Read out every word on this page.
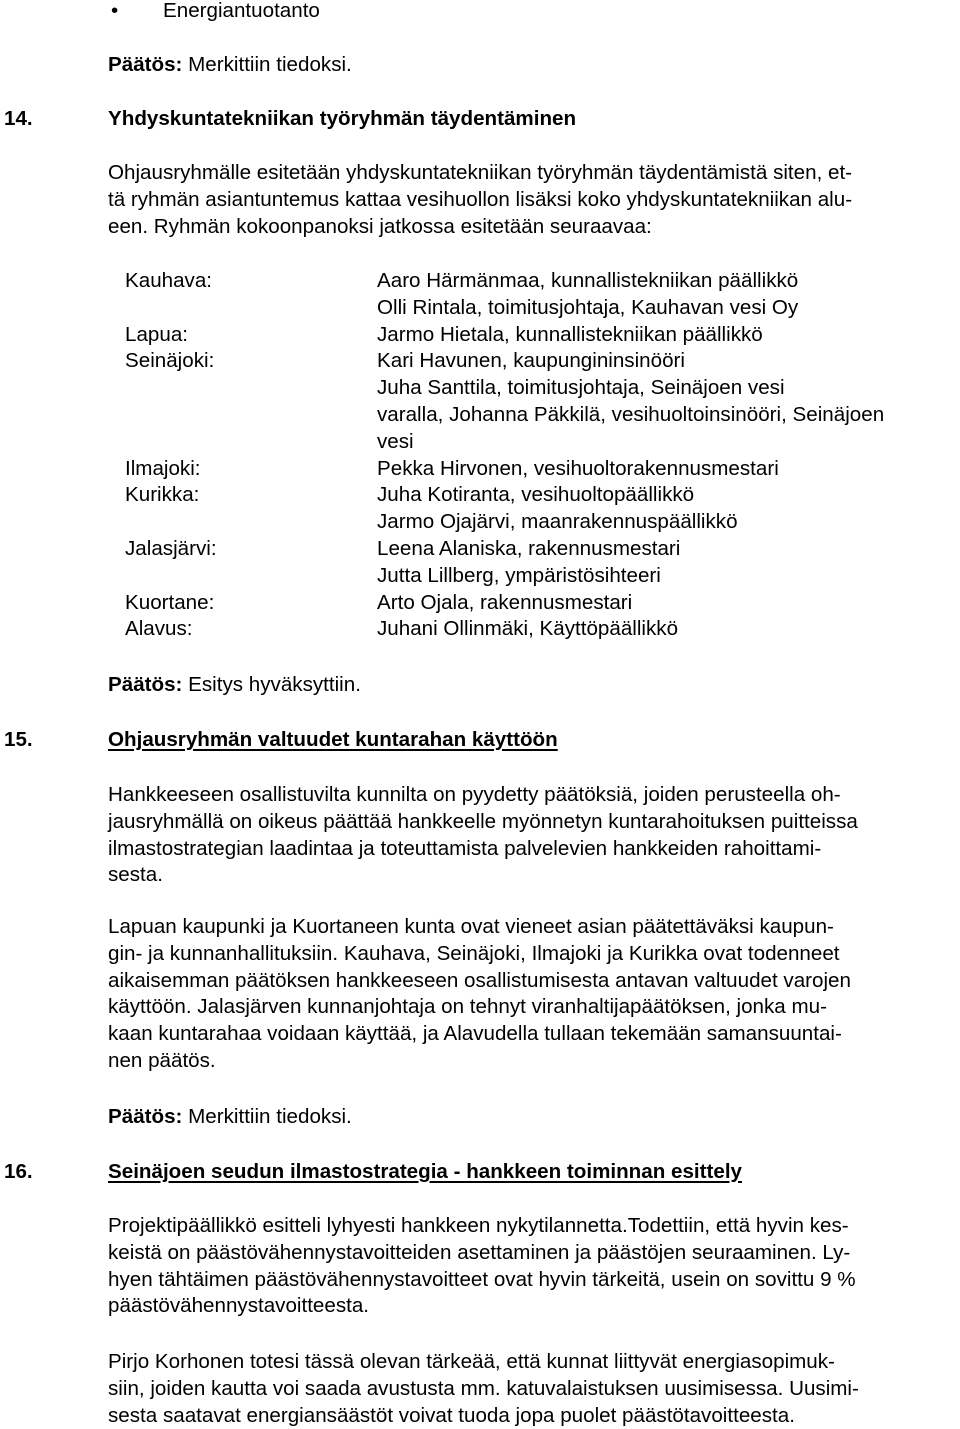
• Energiantuotanto
Päätös: Merkittiin tiedoksi.
14.	Yhdyskuntatekniikan työryhmän täydentäminen

Ohjausryhmälle esitetään yhdyskuntatekniikan työryhmän täydentämistä siten, et-
tä ryhmän asiantuntemus kattaa vesihuollon lisäksi koko yhdyskuntatekniikan alu-
een. Ryhmän kokoonpanoksi jatkossa esitetään seuraavaa:

Kauhava:	Aaro Härmänmaa, kunnallistekniikan päällikkö
Olli Rintala, toimitusjohtaja, Kauhavan vesi Oy
Lapua:	Jarmo Hietala, kunnallistekniikan päällikkö
Seinäjoki:	Kari Havunen, kaupungininsinööri
Juha Santtila, toimitusjohtaja, Seinäjoen vesi
varalla, Johanna Päkkilä, vesihuoltoinsinööri, Seinäjoen
vesi
Ilmajoki:	Pekka Hirvonen, vesihuoltorakennusmestari
Kurikka:	Juha Kotiranta, vesihuoltopäällikkö
Jarmo Ojajärvi, maanrakennuspäällikkö
Jalasjärvi:	Leena Alaniska, rakennusmestari
Jutta Lillberg, ympäristösihteeri
Kuortane:	Arto Ojala, rakennusmestari
Alavus:	Juhani Ollinmäki, Käyttöpäällikkö
Päätös: Esitys hyväksyttiin.
15.	Ohjausryhmän valtuudet kuntarahan käyttöön

Hankkeeseen osallistuvilta kunnilta on pyydetty päätöksiä, joiden perusteella oh-
jausryhmällä on oikeus päättää hankkeelle myönnetyn kuntarahoituksen puitteissa
ilmastostrategian laadintaa ja toteuttamista palvelevien hankkeiden rahoittami-
sesta.

Lapuan kaupunki ja Kuortaneen kunta ovat vieneet asian päätettäväksi kaupun-
gin- ja kunnanhallituksiin. Kauhava, Seinäjoki, Ilmajoki ja Kurikka ovat todenneet
aikaisemman päätöksen hankkeeseen osallistumisesta antavan valtuudet varojen
käyttöön. Jalasjärven kunnanjohtaja on tehnyt viranhaltijapäätöksen, jonka mu-
kaan kuntarahaa voidaan käyttää, ja Alavudella tullaan tekemään samansuuntai-
nen päätös.

Päätös: Merkittiin tiedoksi.
16.	Seinäjoen seudun ilmastostrategia - hankkeen toiminnan esittely

Projektipäällikkö esitteli lyhyesti hankkeen nykytilannetta.Todettiin, että hyvin kes-
keistä on päästövähennystavoitteiden asettaminen ja päästöjen seuraaminen. Ly-
hyen tähtäimen päästövähennystavoitteet ovat hyvin tärkeitä, usein on sovittu 9 %
päästövähennystavoitteesta.

Pirjo Korhonen totesi tässä olevan tärkeää, että kunnat liittyvät energiasopimuk-
siin, joiden kautta voi saada avustusta mm. katuvalaistuksen uusimisessa. Uusimi-
sesta saatavat energiansäästöt voivat tuoda jopa puolet päästötavoitteesta.
